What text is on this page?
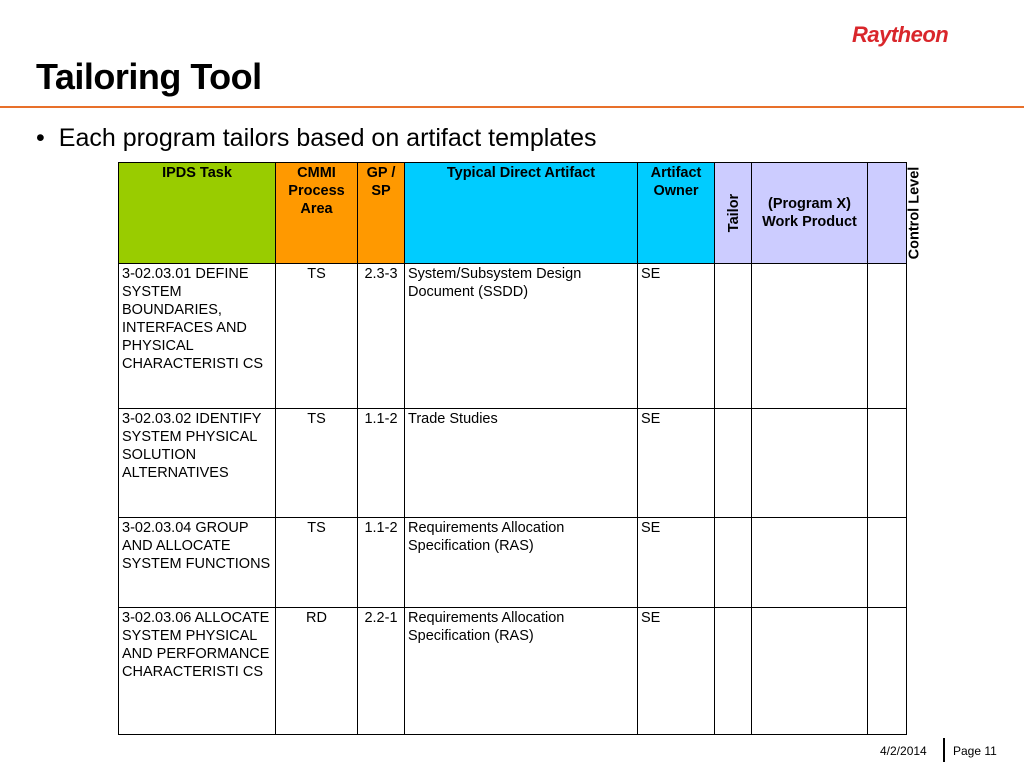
Raytheon
Tailoring Tool
• Each program tailors based on artifact templates
IPDS Task	CMMI Process Area	GP / SP	Typical Direct Artifact	Artifact Owner	Tailor	(Program X) Work Product	Control Level
3-02.03.01 DEFINE SYSTEM BOUNDARIES, INTERFACES AND PHYSICAL CHARACTERISTI CS	TS	2.3-3	System/Subsystem Design Document (SSDD)	SE			
3-02.03.02 IDENTIFY SYSTEM PHYSICAL SOLUTION ALTERNATIVES	TS	1.1-2	Trade Studies	SE			
3-02.03.04 GROUP AND ALLOCATE SYSTEM FUNCTIONS	TS	1.1-2	Requirements Allocation Specification (RAS)	SE			
3-02.03.06 ALLOCATE SYSTEM PHYSICAL AND PERFORMANCE CHARACTERISTI CS	RD	2.2-1	Requirements Allocation Specification (RAS)	SE			
4/2/2014 Page 11
